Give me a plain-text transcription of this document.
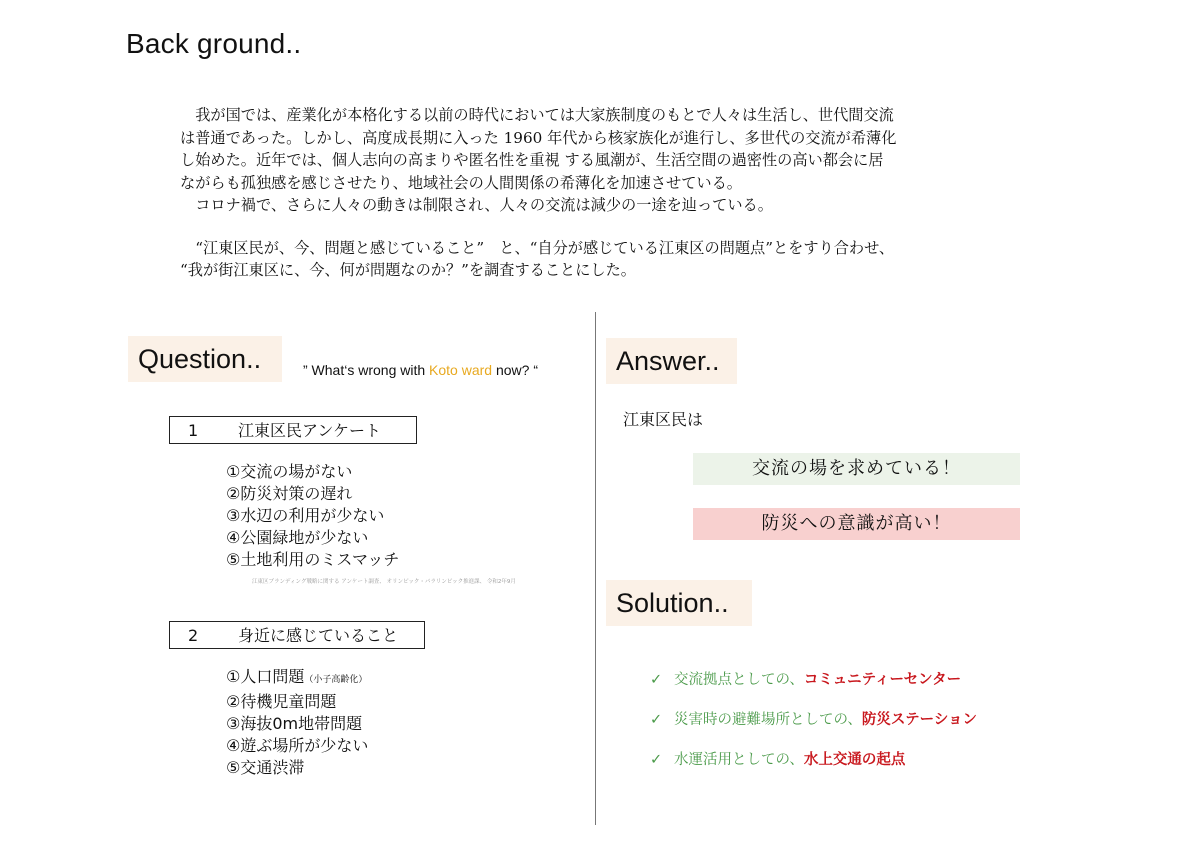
Back ground..

　我が国では、産業化が本格化する以前の時代においては大家族制度のもとで人々は生活し、世代間交流

は普通であった。しかし、高度成長期に入った 1960 年代から核家族化が進行し、多世代の交流が希薄化

し始めた。近年では、個人志向の高まりや匿名性を重視 する風潮が、生活空間の過密性の高い都会に居

ながらも孤独感を感じさせたり、地域社会の人間関係の希薄化を加速させている。

　コロナ禍で、さらに人々の動きは制限され、人々の交流は減少の一途を辿っている。

　“江東区民が、今、問題と感じていること”　と、“自分が感じている江東区の問題点”とをすり合わせ、

“我が街江東区に、今、何が問題なのか？”を調査することにした。

Question..	” What‘s wrong with Koto ward now? “
1 江東区民アンケート
①交流の場がない
②防災対策の遅れ
③水辺の利用が少ない
④公園緑地が少ない
⑤土地利用のミスマッチ
江東区ブランディング戦略に関する アンケート調査、 オリンピック・パラリンピック推進課、 令和2年9月
2 身近に感じていること
①人口問題（小子高齢化）
②待機児童問題
③海抜0m地帯問題
④遊ぶ場所が少ない
⑤交通渋滞
Answer..
江東区民は
交流の場を求めている！
防災への意識が高い！
Solution..
✓ 交流拠点としての、コミュニティーセンター
✓ 災害時の避難場所としての、防災ステーション
✓ 水運活用としての、水上交通の起点
